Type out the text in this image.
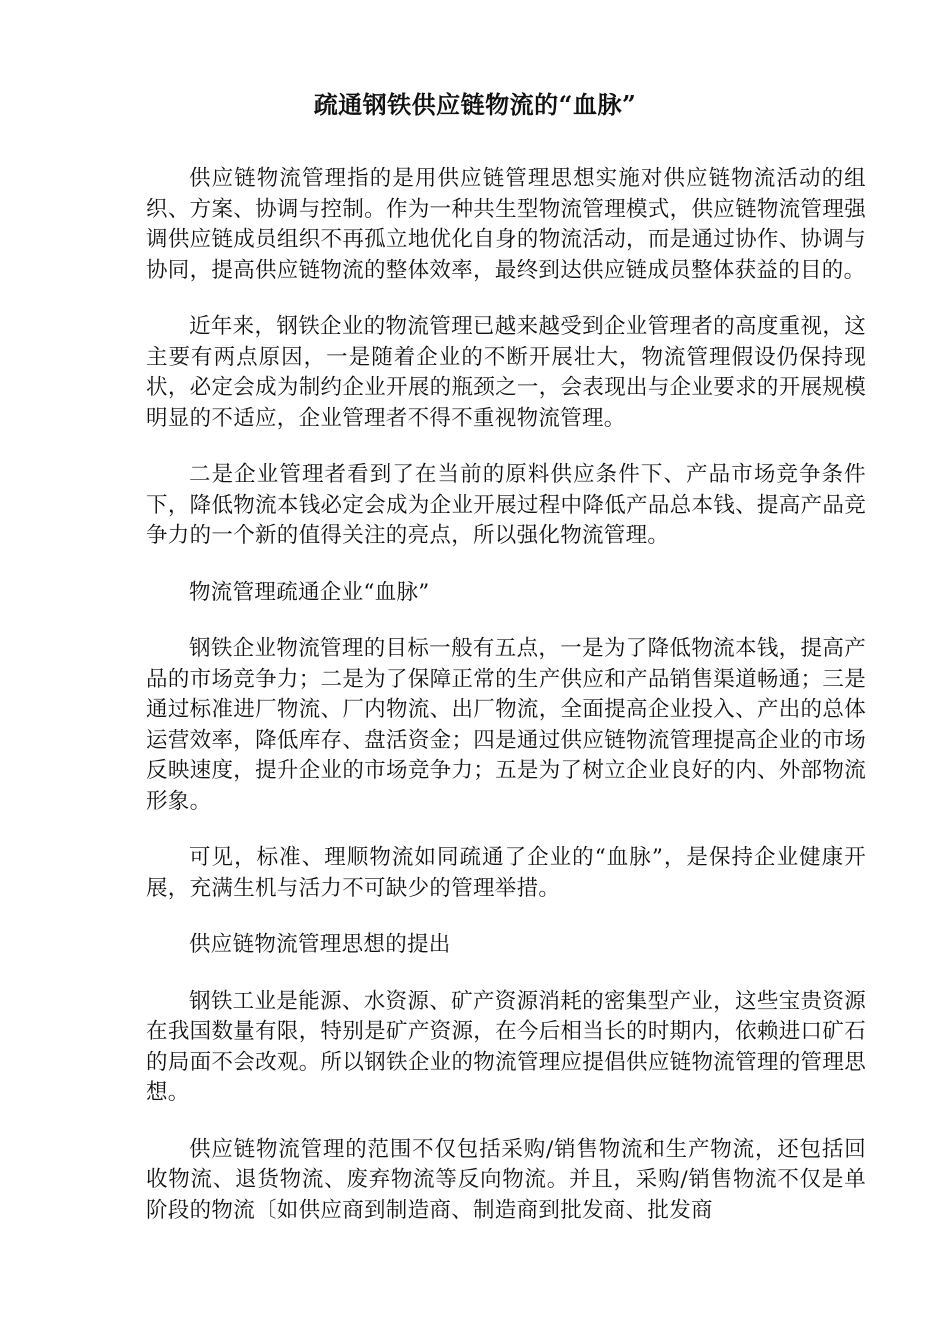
疏通钢铁供应链物流的“血脉”

供应链物流管理指的是用供应链管理思想实施对供应链物流活动的组织、方案、协调与控制。作为一种共生型物流管理模式，供应链物流管理强调供应链成员组织不再孤立地优化自身的物流活动，而是通过协作、协调与协同，提高供应链物流的整体效率，最终到达供应链成员整体获益的目的。

近年来，钢铁企业的物流管理已越来越受到企业管理者的高度重视，这主要有两点原因，一是随着企业的不断开展壮大，物流管理假设仍保持现状，必定会成为制约企业开展的瓶颈之一，会表现出与企业要求的开展规模明显的不适应，企业管理者不得不重视物流管理。

二是企业管理者看到了在当前的原料供应条件下、产品市场竞争条件下，降低物流本钱必定会成为企业开展过程中降低产品总本钱、提高产品竞争力的一个新的值得关注的亮点，所以强化物流管理。

物流管理疏通企业“血脉”

钢铁企业物流管理的目标一般有五点，一是为了降低物流本钱，提高产品的市场竞争力；二是为了保障正常的生产供应和产品销售渠道畅通；三是通过标准进厂物流、厂内物流、出厂物流，全面提高企业投入、产出的总体运营效率，降低库存、盘活资金；四是通过供应链物流管理提高企业的市场反映速度，提升企业的市场竞争力；五是为了树立企业良好的内、外部物流形象。

可见，标准、理顺物流如同疏通了企业的“血脉”，是保持企业健康开展，充满生机与活力不可缺少的管理举措。

供应链物流管理思想的提出

钢铁工业是能源、水资源、矿产资源消耗的密集型产业，这些宝贵资源在我国数量有限，特别是矿产资源，在今后相当长的时期内，依赖进口矿石的局面不会改观。所以钢铁企业的物流管理应提倡供应链物流管理的管理思想。

供应链物流管理的范围不仅包括采购/销售物流和生产物流，还包括回收物流、退货物流、废弃物流等反向物流。并且，采购/销售物流不仅是单阶段的物流〔如供应商到制造商、制造商到批发商、批发商
